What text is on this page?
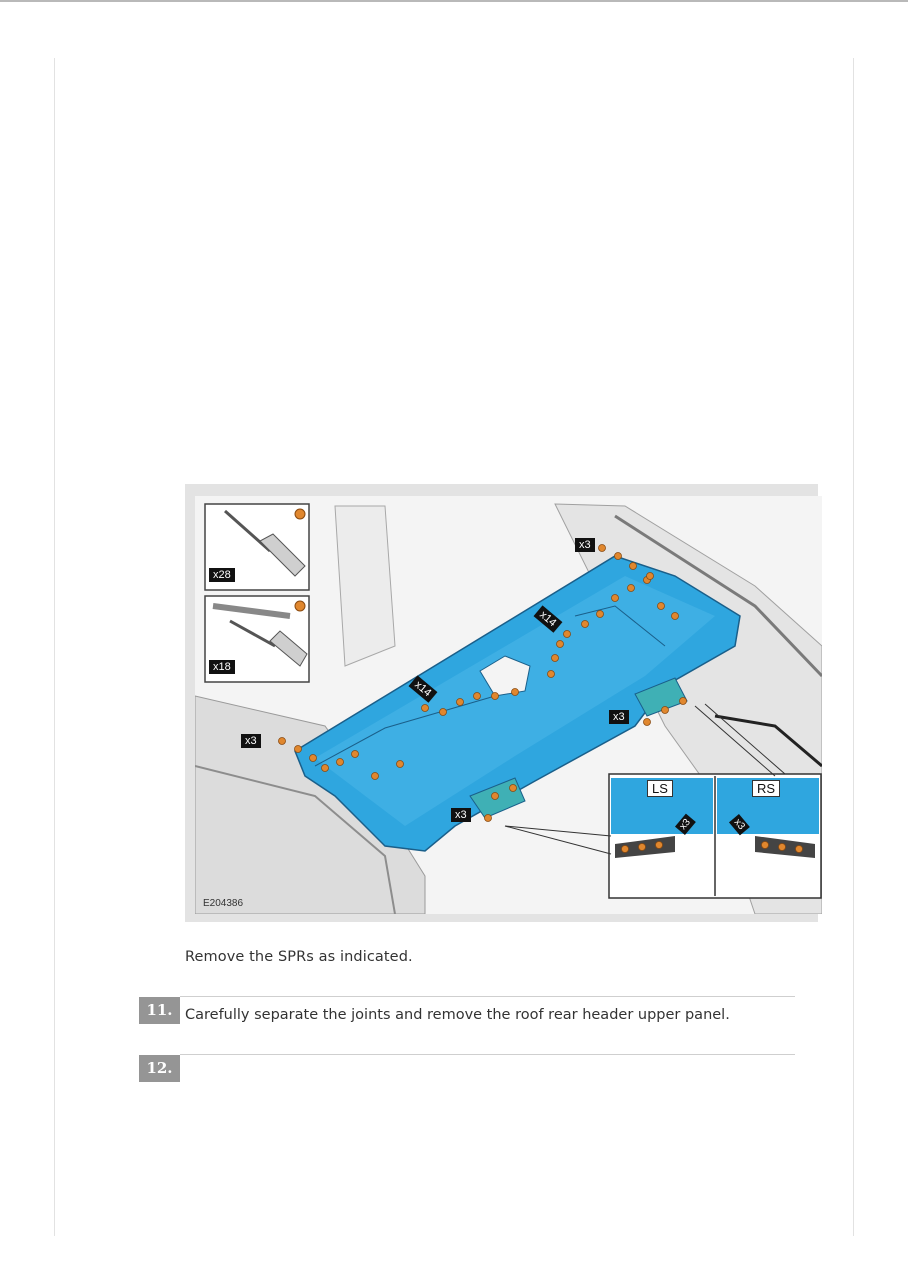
x28
x18
x3
x3
x3
x3
x14
x14
LS	RS
x3	x3
E204386
Remove the SPRs as indicated.
11. Carefully separate the joints and remove the roof rear header upper panel.
12.
